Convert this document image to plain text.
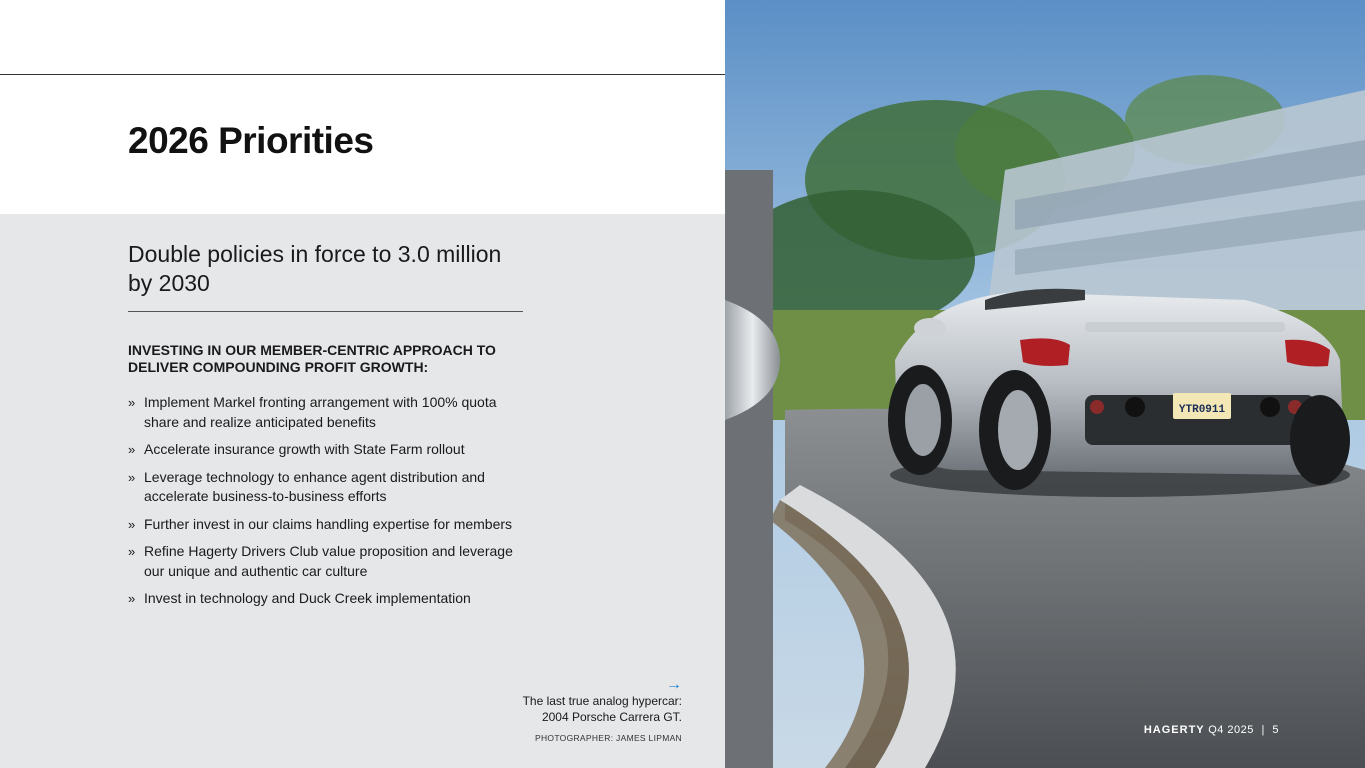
2026 Priorities
Double policies in force to 3.0 million by 2030
INVESTING IN OUR MEMBER-CENTRIC APPROACH TO DELIVER COMPOUNDING PROFIT GROWTH:
» Implement Markel fronting arrangement with 100% quota share and realize anticipated benefits
» Accelerate insurance growth with State Farm rollout
» Leverage technology to enhance agent distribution and accelerate business-to-business efforts
» Further invest in our claims handling expertise for members
» Refine Hagerty Drivers Club value proposition and leverage our unique and authentic car culture
» Invest in technology and Duck Creek implementation
→
The last true analog hypercar:
2004 Porsche Carrera GT.
PHOTOGRAPHER: JAMES LIPMAN
YTR0911
HAGERTY Q4 2025 | 5
